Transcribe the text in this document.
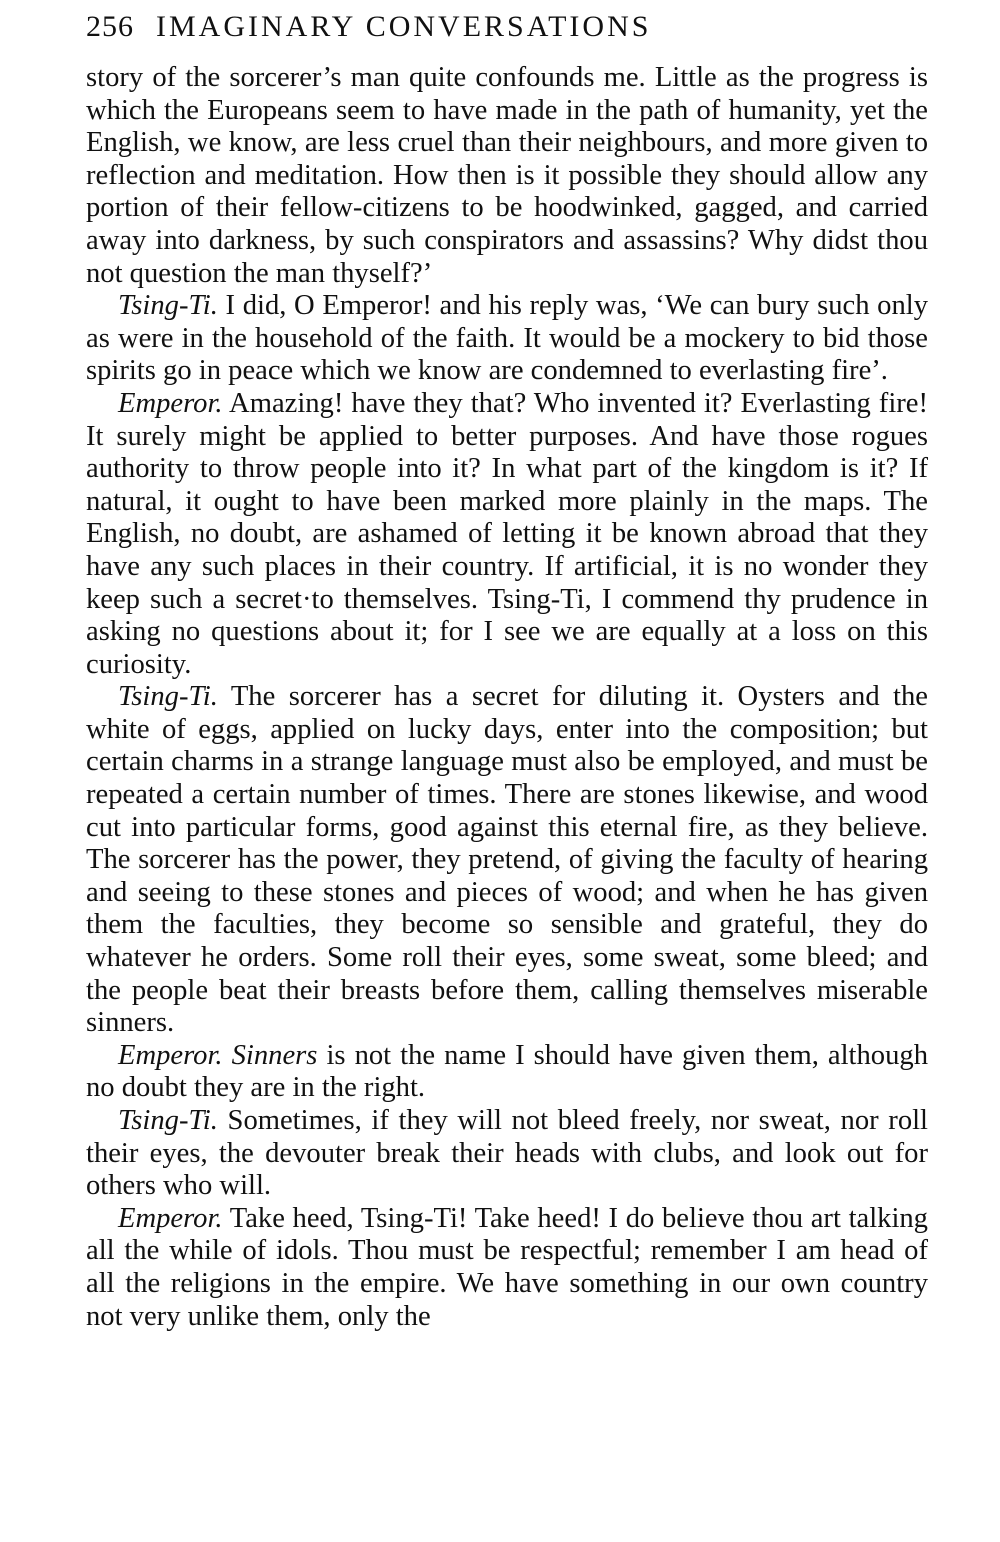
256 IMAGINARY CONVERSATIONS

story of the sorcerer’s man quite confounds me. Little as the progress is which the Europeans seem to have made in the path of humanity, yet the English, we know, are less cruel than their neighbours, and more given to reflection and meditation. How then is it possible they should allow any portion of their fellow-citizens to be hoodwinked, gagged, and carried away into darkness, by such conspirators and assassins? Why didst thou not question the man thyself?’

Tsing-Ti. I did, O Emperor! and his reply was, ‘We can bury such only as were in the household of the faith. It would be a mockery to bid those spirits go in peace which we know are condemned to everlasting fire’.

Emperor. Amazing! have they that? Who invented it? Everlasting fire! It surely might be applied to better purposes. And have those rogues authority to throw people into it? In what part of the kingdom is it? If natural, it ought to have been marked more plainly in the maps. The English, no doubt, are ashamed of letting it be known abroad that they have any such places in their country. If artificial, it is no wonder they keep such a secret·to themselves. Tsing-Ti, I commend thy prudence in asking no questions about it; for I see we are equally at a loss on this curiosity.

Tsing-Ti. The sorcerer has a secret for diluting it. Oysters and the white of eggs, applied on lucky days, enter into the composition; but certain charms in a strange language must also be employed, and must be repeated a certain number of times. There are stones likewise, and wood cut into particular forms, good against this eternal fire, as they believe. The sorcerer has the power, they pretend, of giving the faculty of hearing and seeing to these stones and pieces of wood; and when he has given them the faculties, they become so sensible and grateful, they do whatever he orders. Some roll their eyes, some sweat, some bleed; and the people beat their breasts before them, calling themselves miserable sinners.

Emperor. Sinners is not the name I should have given them, although no doubt they are in the right.

Tsing-Ti. Sometimes, if they will not bleed freely, nor sweat, nor roll their eyes, the devouter break their heads with clubs, and look out for others who will.

Emperor. Take heed, Tsing-Ti! Take heed! I do believe thou art talking all the while of idols. Thou must be respectful; remember I am head of all the religions in the empire. We have something in our own country not very unlike them, only the
